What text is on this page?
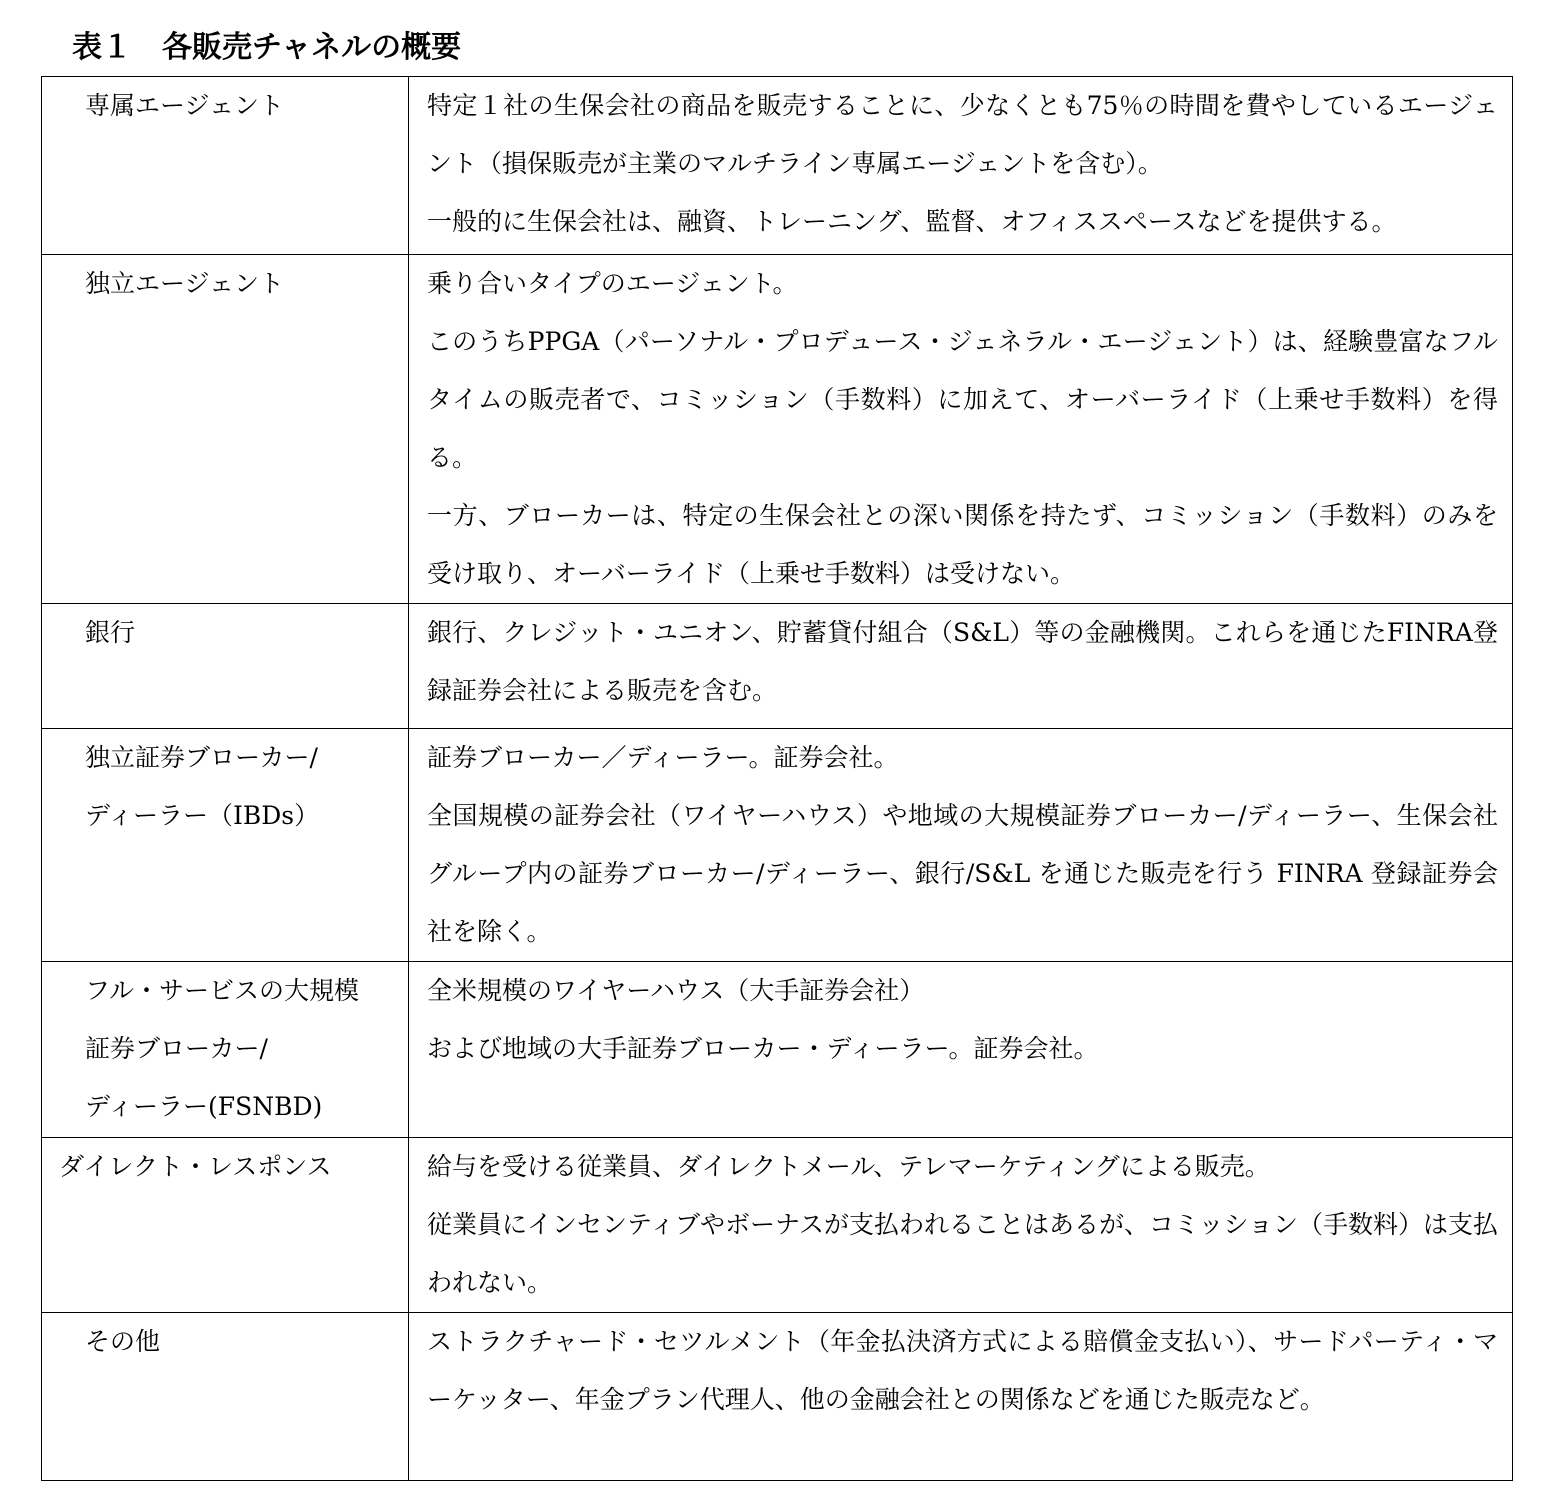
表１　各販売チャネルの概要
専属エージェント	特定１社の生保会社の商品を販売することに、少なくとも75％の時間を費やしているエージェント（損保販売が主業のマルチライン専属エージェントを含む）。
一般的に生保会社は、融資、トレーニング、監督、オフィススペースなどを提供する。

独立エージェント	乗り合いタイプのエージェント。
このうちPPGA（パーソナル・プロデュース・ジェネラル・エージェント）は、経験豊富なフルタイムの販売者で、コミッション（手数料）に加えて、オーバーライド（上乗せ手数料）を得る。
一方、ブローカーは、特定の生保会社との深い関係を持たず、コミッション（手数料）のみを受け取り、オーバーライド（上乗せ手数料）は受けない。

銀行	銀行、クレジット・ユニオン、貯蓄貸付組合（S&L）等の金融機関。これらを通じたFINRA登録証券会社による販売を含む。

独立証券ブローカー/
ディーラー（IBDs）	証券ブローカー／ディーラー。証券会社。
全国規模の証券会社（ワイヤーハウス）や地域の大規模証券ブローカー/ディーラー、生保会社グループ内の証券ブローカー/ディーラー、銀行/S&L を通じた販売を行う FINRA 登録証券会社を除く。

フル・サービスの大規模
証券ブローカー/
ディーラー(FSNBD)	全米規模のワイヤーハウス（大手証券会社）
および地域の大手証券ブローカー・ディーラー。証券会社。

ダイレクト・レスポンス	給与を受ける従業員、ダイレクトメール、テレマーケティングによる販売。
従業員にインセンティブやボーナスが支払われることはあるが、コミッション（手数料）は支払われない。

その他	ストラクチャード・セツルメント（年金払決済方式による賠償金支払い）、サードパーティ・マーケッター、年金プラン代理人、他の金融会社との関係などを通じた販売など。
